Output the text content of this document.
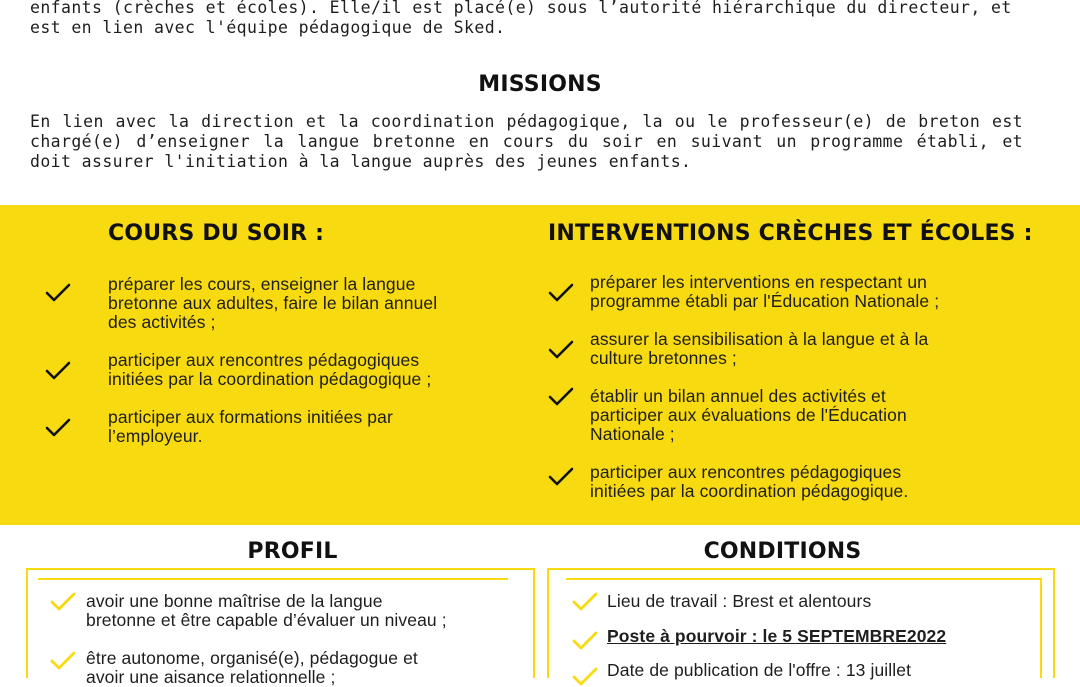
enfants (crèches et écoles). Elle/il est placé(e) sous l’autorité hiérarchique du directeur, et
est en lien avec l'équipe pédagogique de Sked.
MISSIONS
En lien avec la direction et la coordination pédagogique, la ou le professeur(e) de breton est chargé(e) d’enseigner la langue bretonne en cours du soir en suivant un programme établi, et doit assurer l'initiation à la langue auprès des jeunes enfants.
COURS DU SOIR :	INTERVENTIONS CRÈCHES ET ÉCOLES :
préparer les cours, enseigner la langue
bretonne aux adultes, faire le bilan annuel
des activités ;
participer aux rencontres pédagogiques
initiées par la coordination pédagogique ;
participer aux formations initiées par
l’employeur.
préparer les interventions en respectant un
programme établi par l'Éducation Nationale ;
assurer la sensibilisation à la langue et à la
culture bretonnes ;
établir un bilan annuel des activités et
participer aux évaluations de l'Éducation
Nationale ;
participer aux rencontres pédagogiques
initiées par la coordination pédagogique.
PROFIL
avoir une bonne maîtrise de la langue
bretonne et être capable d’évaluer un niveau ;
être autonome, organisé(e), pédagogue et
avoir une aisance relationnelle ;
CONDITIONS
Lieu de travail : Brest et alentours
Poste à pourvoir : le 5 SEPTEMBRE2022
Date de publication de l'offre : 13 juillet
